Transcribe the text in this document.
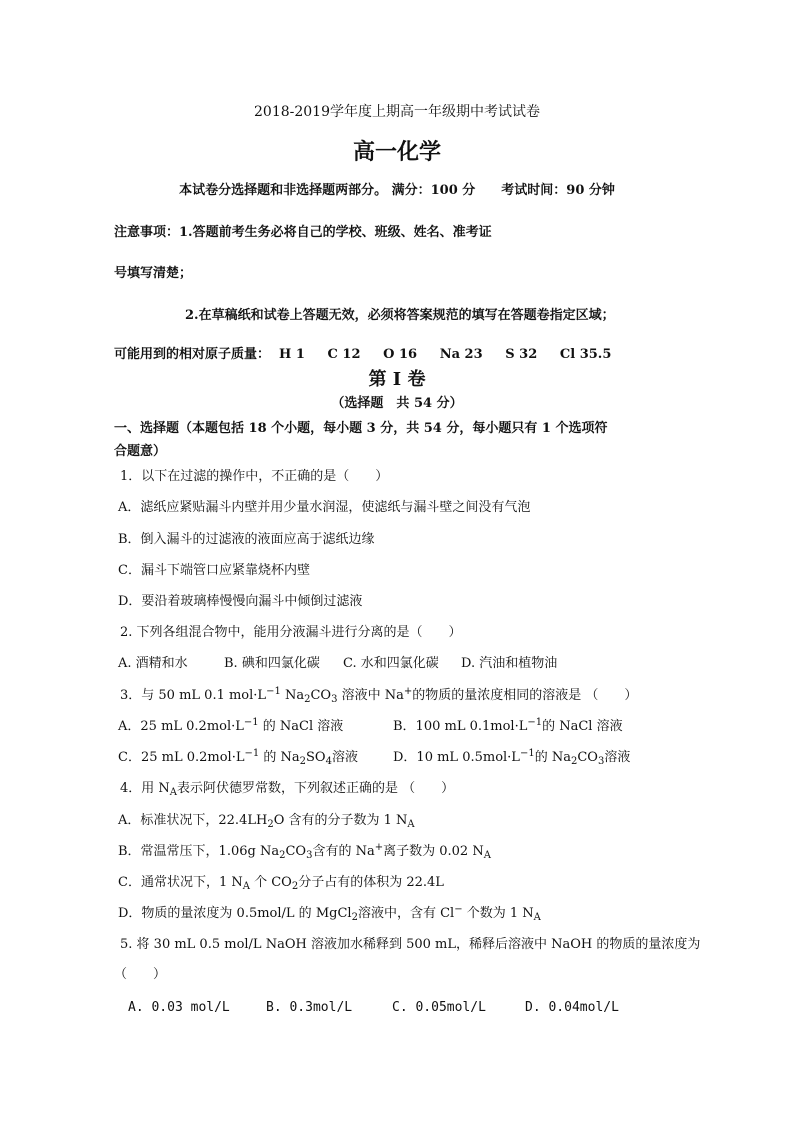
2018-2019学年度上期高一年级期中考试试卷
高一化学
本试卷分选择题和非选择题两部分。 满分：100 分　　考试时间：90 分钟
注意事项：1.答题前考生务必将自己的学校、班级、姓名、准考证
号填写清楚；
2.在草稿纸和试卷上答题无效，必须将答案规范的填写在答题卷指定区域；
可能用到的相对原子质量：  H 1     C 12     O 16     Na 23     S 32     Cl 35.5
第 Ⅰ 卷
（选择题　共 54 分）
一、选择题（本题包括 18 个小题，每小题 3 分，共 54 分，每小题只有 1 个选项符
合题意）
1．以下在过滤的操作中，不正确的是（　　）
A．滤纸应紧贴漏斗内壁并用少量水润湿，使滤纸与漏斗壁之间没有气泡
B．倒入漏斗的过滤液的液面应高于滤纸边缘
C．漏斗下端管口应紧靠烧杯内壁
D．要沿着玻璃棒慢慢向漏斗中倾倒过滤液
2. 下列各组混合物中，能用分液漏斗进行分离的是（　　）
A. 酒精和水	B. 碘和四氯化碳 C. 水和四氯化碳 D. 汽油和植物油
3．与 50 mL 0.1 $mol\cdot L^{-1}$ $Na_2CO_3$ 溶液中 Na+的物质的量浓度相同的溶液是 （　　）
A．25 mL $0.2mol\cdot L^{-1}$ 的 NaCl 溶液	B．100 mL $0.1mol\cdot L^{-1}$的 NaCl 溶液
C．25 mL $0.2mol\cdot L^{-1}$ 的 $Na_2SO_4$溶液	D．10 mL $0.5mol\cdot L^{-1}$的 $Na_2CO_3$溶液
4．用 $N_A$表示阿伏德罗常数，下列叙述正确的是 （　　）
A．标准状况下，$22.4LH_2O$ 含有的分子数为 1 $N_A$
B．常温常压下，1.06g $Na_2CO_3$含有的 Na+离子数为 0.02 $N_A$
C．通常状况下，1 $N_A$ 个 $CO_2$分子占有的体积为 22.4L
D．物质的量浓度为 0.5mol/L 的 MgCl$_2$溶液中，含有 Cl− 个数为 1 $N_A$
5. 将 30 mL 0.5 mol/L NaOH 溶液加水稀释到 500 mL，稀释后溶液中 NaOH 的物质的量浓度为
（　　）
A. 0.03 mol/L	B. 0.3mol/L	C. 0.05mol/L	D. 0.04mol/L
